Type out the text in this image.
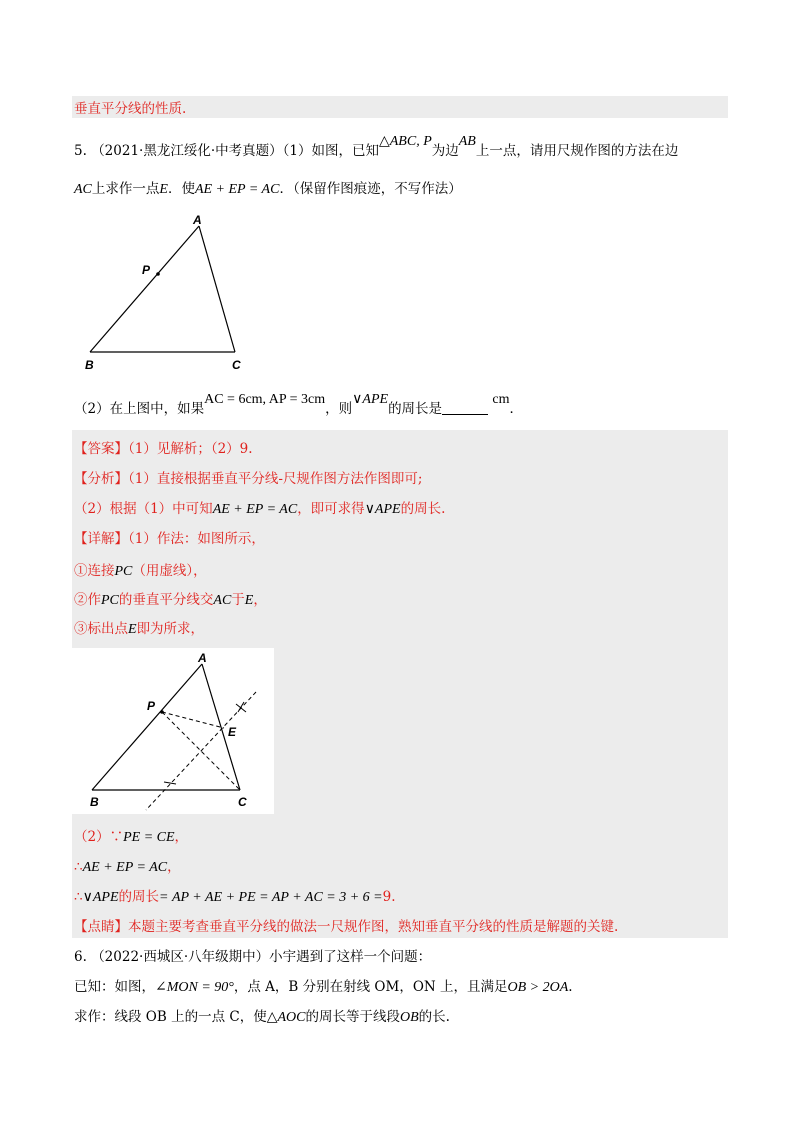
垂直平分线的性质.
5. （2021·黑龙江绥化·中考真题）（1）如图，已知△ABC, P为边AB上一点，请用尺规作图的方法在边
AC上求作一点E．使AE + EP = AC．（保留作图痕迹，不写作法）
A
P
B	C
（2）在上图中，如果AC = 6cm, AP = 3cm，则∨APE的周长是 cm．
【答案】（1）见解析；（2）9.
【分析】（1）直接根据垂直平分线-尺规作图方法作图即可;
（2）根据（1）中可知AE + EP = AC，即可求得∨APE的周长.
【详解】（1）作法：如图所示，
①连接PC（用虚线），
②作PC的垂直平分线交AC于E，
③标出点E即为所求，
A
P
E
B	C
（2）∵PE = CE，
∴AE + EP = AC，
∴∨APE的周长= AP + AE + PE = AP + AC = 3 + 6 =9.
【点睛】本题主要考查垂直平分线的做法一尺规作图，熟知垂直平分线的性质是解题的关键.
6. （2022·西城区·八年级期中）小宇遇到了这样一个问题：
已知：如图，∠MON = 90°，点 A，B 分别在射线 OM，ON 上，且满足OB > 2OA.
求作：线段 OB 上的一点 C，使△AOC的周长等于线段OB的长.
